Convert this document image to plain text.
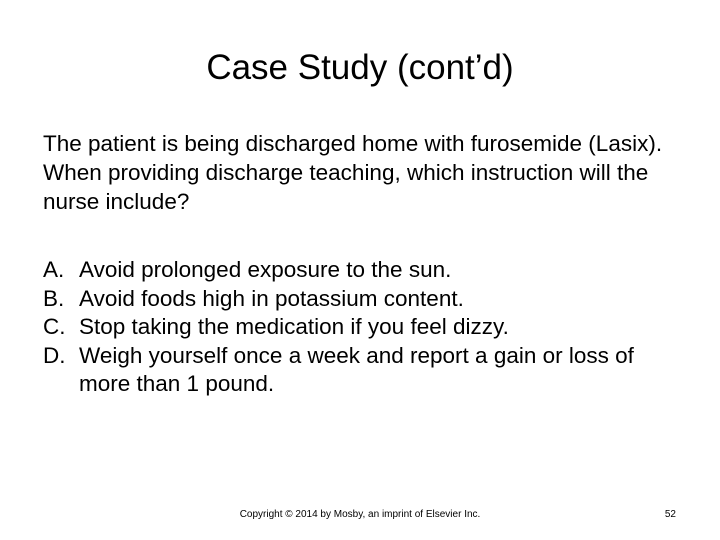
Case Study (cont’d)

The patient is being discharged home with furosemide (Lasix). When providing discharge teaching, which instruction will the nurse include?

A. Avoid prolonged exposure to the sun.
B. Avoid foods high in potassium content.
C. Stop taking the medication if you feel dizzy.
D. Weigh yourself once a week and report a gain or loss of more than 1 pound.
Copyright © 2014 by Mosby, an imprint of Elsevier Inc.	52
